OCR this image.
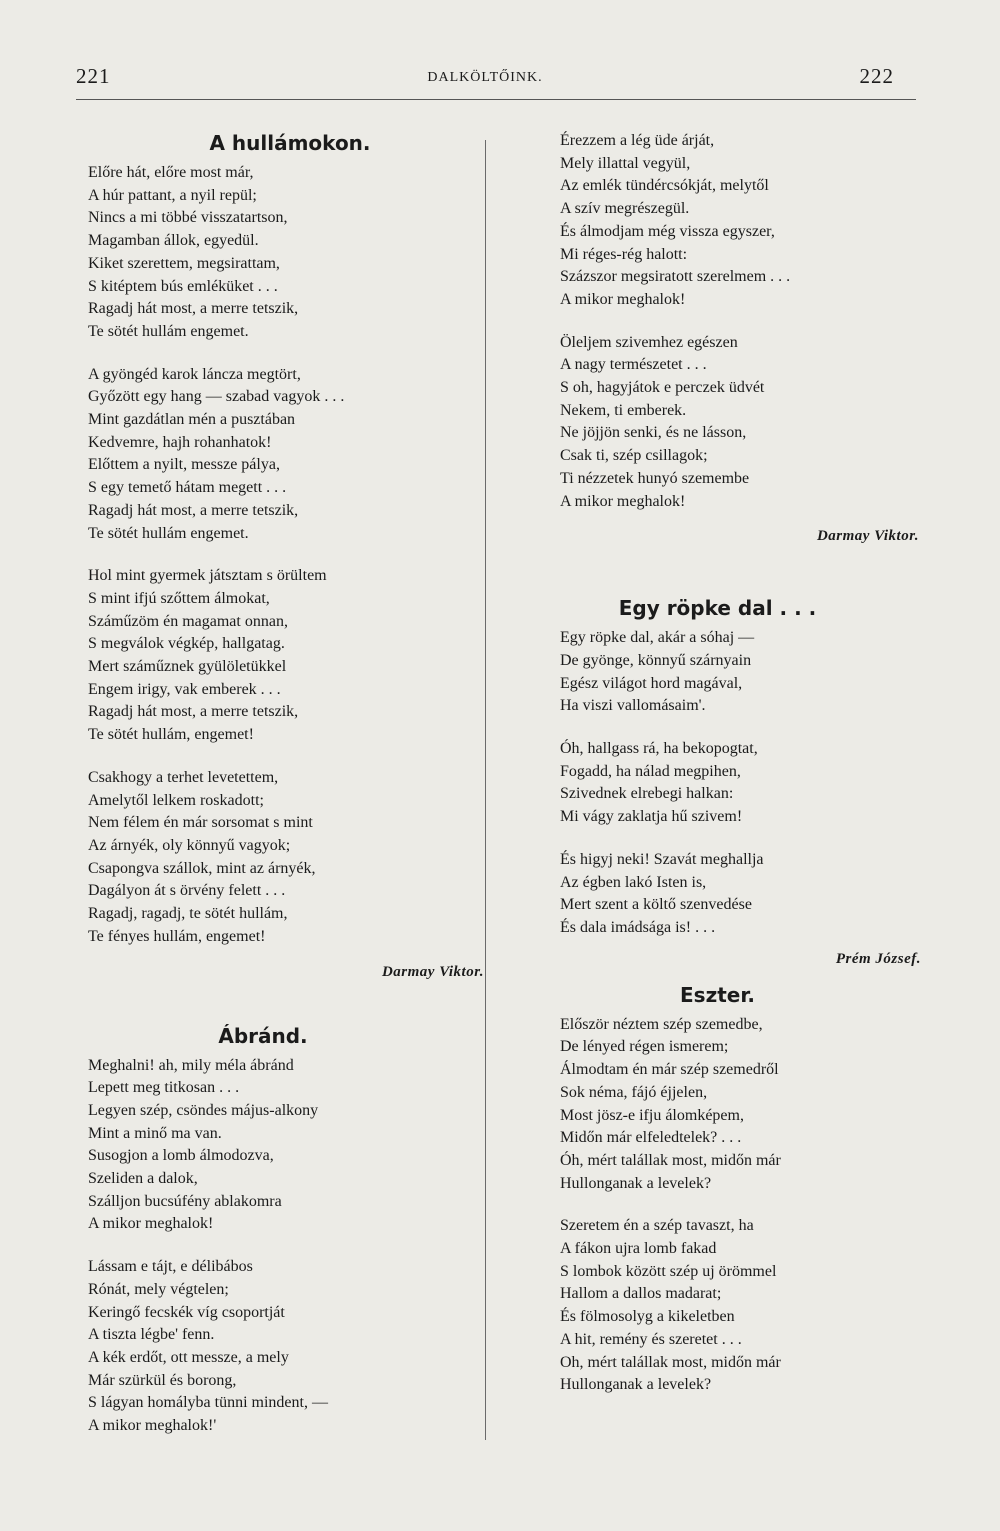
221	DALKÖLTŐINK.	222
A hullámokon.
Előre hát, előre most már,
A húr pattant, a nyil repül;
Nincs a mi többé visszatartson,
Magamban állok, egyedül.
Kiket szerettem, megsirattam,
S kitéptem bús emléküket . . .
Ragadj hát most, a merre tetszik,
Te sötét hullám engemet.
A gyöngéd karok láncza megtört,
Győzött egy hang — szabad vagyok . . .
Mint gazdátlan mén a pusztában
Kedvemre, hajh rohanhatok!
Előttem a nyilt, messze pálya,
S egy temető hátam megett . . .
Ragadj hát most, a merre tetszik,
Te sötét hullám engemet.
Hol mint gyermek játsztam s örültem
S mint ifjú szőttem álmokat,
Száműzöm én magamat onnan,
S megválok végkép, hallgatag.
Mert száműznek gyülöletükkel
Engem irigy, vak emberek . . .
Ragadj hát most, a merre tetszik,
Te sötét hullám, engemet!
Csakhogy a terhet levetettem,
Amelytől lelkem roskadott;
Nem félem én már sorsomat s mint
Az árnyék, oly könnyű vagyok;
Csapongva szállok, mint az árnyék,
Dagályon át s örvény felett . . .
Ragadj, ragadj, te sötét hullám,
Te fényes hullám, engemet!
Darmay Viktor.
Ábránd.
Meghalni! ah, mily méla ábránd
Lepett meg titkosan . . .
Legyen szép, csöndes május-alkony
Mint a minő ma van.
Susogjon a lomb álmodozva,
Szeliden a dalok,
Szálljon bucsúfény ablakomra
A mikor meghalok!
Lássam e tájt, e délibábos
Rónát, mely végtelen;
Keringő fecskék víg csoportját
A tiszta légbe' fenn.
A kék erdőt, ott messze, a mely
Már szürkül és borong,
S lágyan homályba tünni mindent, —
A mikor meghalok!'
Érezzem a lég üde árját,
Mely illattal vegyül,
Az emlék tündércsókját, melytől
A szív megrészegül.
És álmodjam még vissza egyszer,
Mi réges-rég halott:
Százszor megsiratott szerelmem . . .
A mikor meghalok!
Öleljem szivemhez egészen
A nagy természetet . . .
S oh, hagyjátok e perczek üdvét
Nekem, ti emberek.
Ne jöjjön senki, és ne lásson,
Csak ti, szép csillagok;
Ti nézzetek hunyó szemembe
A mikor meghalok!
Darmay Viktor.
Egy röpke dal . . .
Egy röpke dal, akár a sóhaj —
De gyönge, könnyű szárnyain
Egész világot hord magával,
Ha viszi vallomásaim'.
Óh, hallgass rá, ha bekopogtat,
Fogadd, ha nálad megpihen,
Szivednek elrebegi halkan:
Mi vágy zaklatja hű szivem!
És higyj neki! Szavát meghallja
Az égben lakó Isten is,
Mert szent a költő szenvedése
És dala imádsága is! . . .
Prém József.
Eszter.
Először néztem szép szemedbe,
De lényed régen ismerem;
Álmodtam én már szép szemedről
Sok néma, fájó éjjelen,
Most jösz-e ifju álomképem,
Midőn már elfeledtelek? . . .
Óh, mért talállak most, midőn már
Hullonganak a levelek?
Szeretem én a szép tavaszt, ha
A fákon ujra lomb fakad
S lombok között szép uj örömmel
Hallom a dallos madarat;
És fölmosolyg a kikeletben
A hit, remény és szeretet . . .
Oh, mért talállak most, midőn már
Hullonganak a levelek?
